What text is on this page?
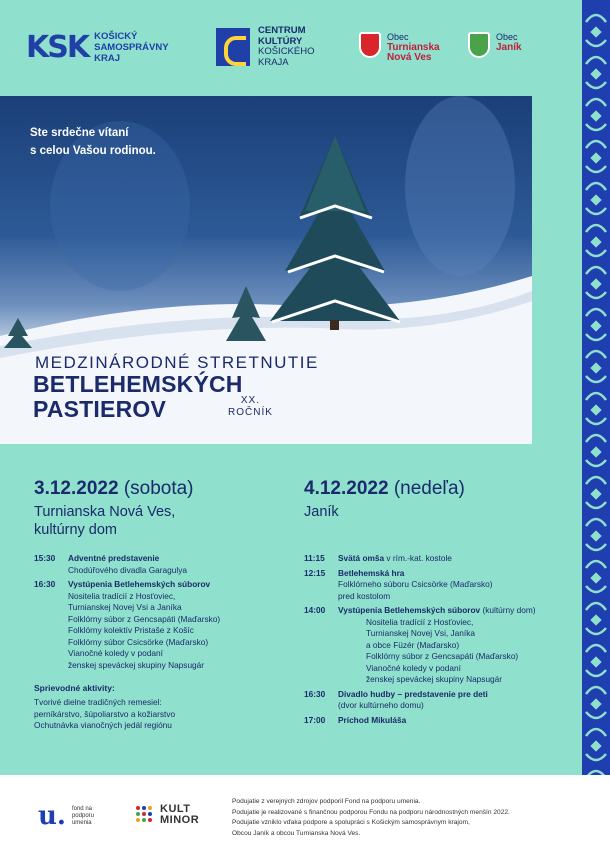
KSK KOŠICKÝ SAMOSPRÁVNY KRAJ
CENTRUM
KULTÚRY
KOŠICKÉHO
KRAJA
Obec
Turnianska
Nová Ves
Obec
Janík
Ste srdečne vítaní
s celou Vašou rodinou.
MEDZINÁRODNÉ STRETNUTIE
BETLEHEMSKÝCH
PASTIEROV	XX.
ROČNÍK
3.12.2022 (sobota)
Turnianska Nová Ves,
kultúrny dom
15:30	Adventné predstavenie
Chodúřového divadla Garagulya
16:30	Vystúpenia Betlehemských súborov
Nositelia tradícií z Hosťoviec,
Turnianskej Novej Vsi a Janíka
Folklórny súbor z Gencsapáti (Maďarsko)
Folklórny kolektív Pristaše z Košíc
Folklórny súbor Csicsörke (Maďarsko)
Vianočné koledy v podaní
ženskej speváckej skupiny Napsugár
Sprievodné aktivity:
Tvorivé dielne tradičných remesiel:
perníkárstvo, šúpoliarstvo a kožiarstvo
Ochutnávka vianočných jedál regiónu
4.12.2022 (nedeľa)
Janík
11:15	Svätá omša v rím.-kat. kostole
12:15	Betlehemská hra
Folklórneho súboru Csicsörke (Maďarsko)
pred kostolom
14:00	Vystúpenia Betlehemských súborov (kultúrny dom)
Nositelia tradícií z Hosťoviec,
Turnianskej Novej Vsi, Janíka
a obce Füzér (Maďarsko)
Folklórny súbor z Gencsapáti (Maďarsko)
Vianočné koledy v podaní
ženskej speváckej skupiny Napsugár
16:30	Divadlo hudby – predstavenie pre deti
(dvor kultúrneho domu)
17:00	Príchod Mikuláša
u. fond na podporu umenia
KULT
MINOR
Podujatie z verejných zdrojov podporil Fond na podporu umenia.
Podujatie je realizované s finančnou podporou Fondu na podporu národnostných menšín 2022.
Podujatie vzniklo vďaka podpore a spolupráci s Košickým samosprávnym krajom,
Obcou Janík a obcou Turnianska Nová Ves.
